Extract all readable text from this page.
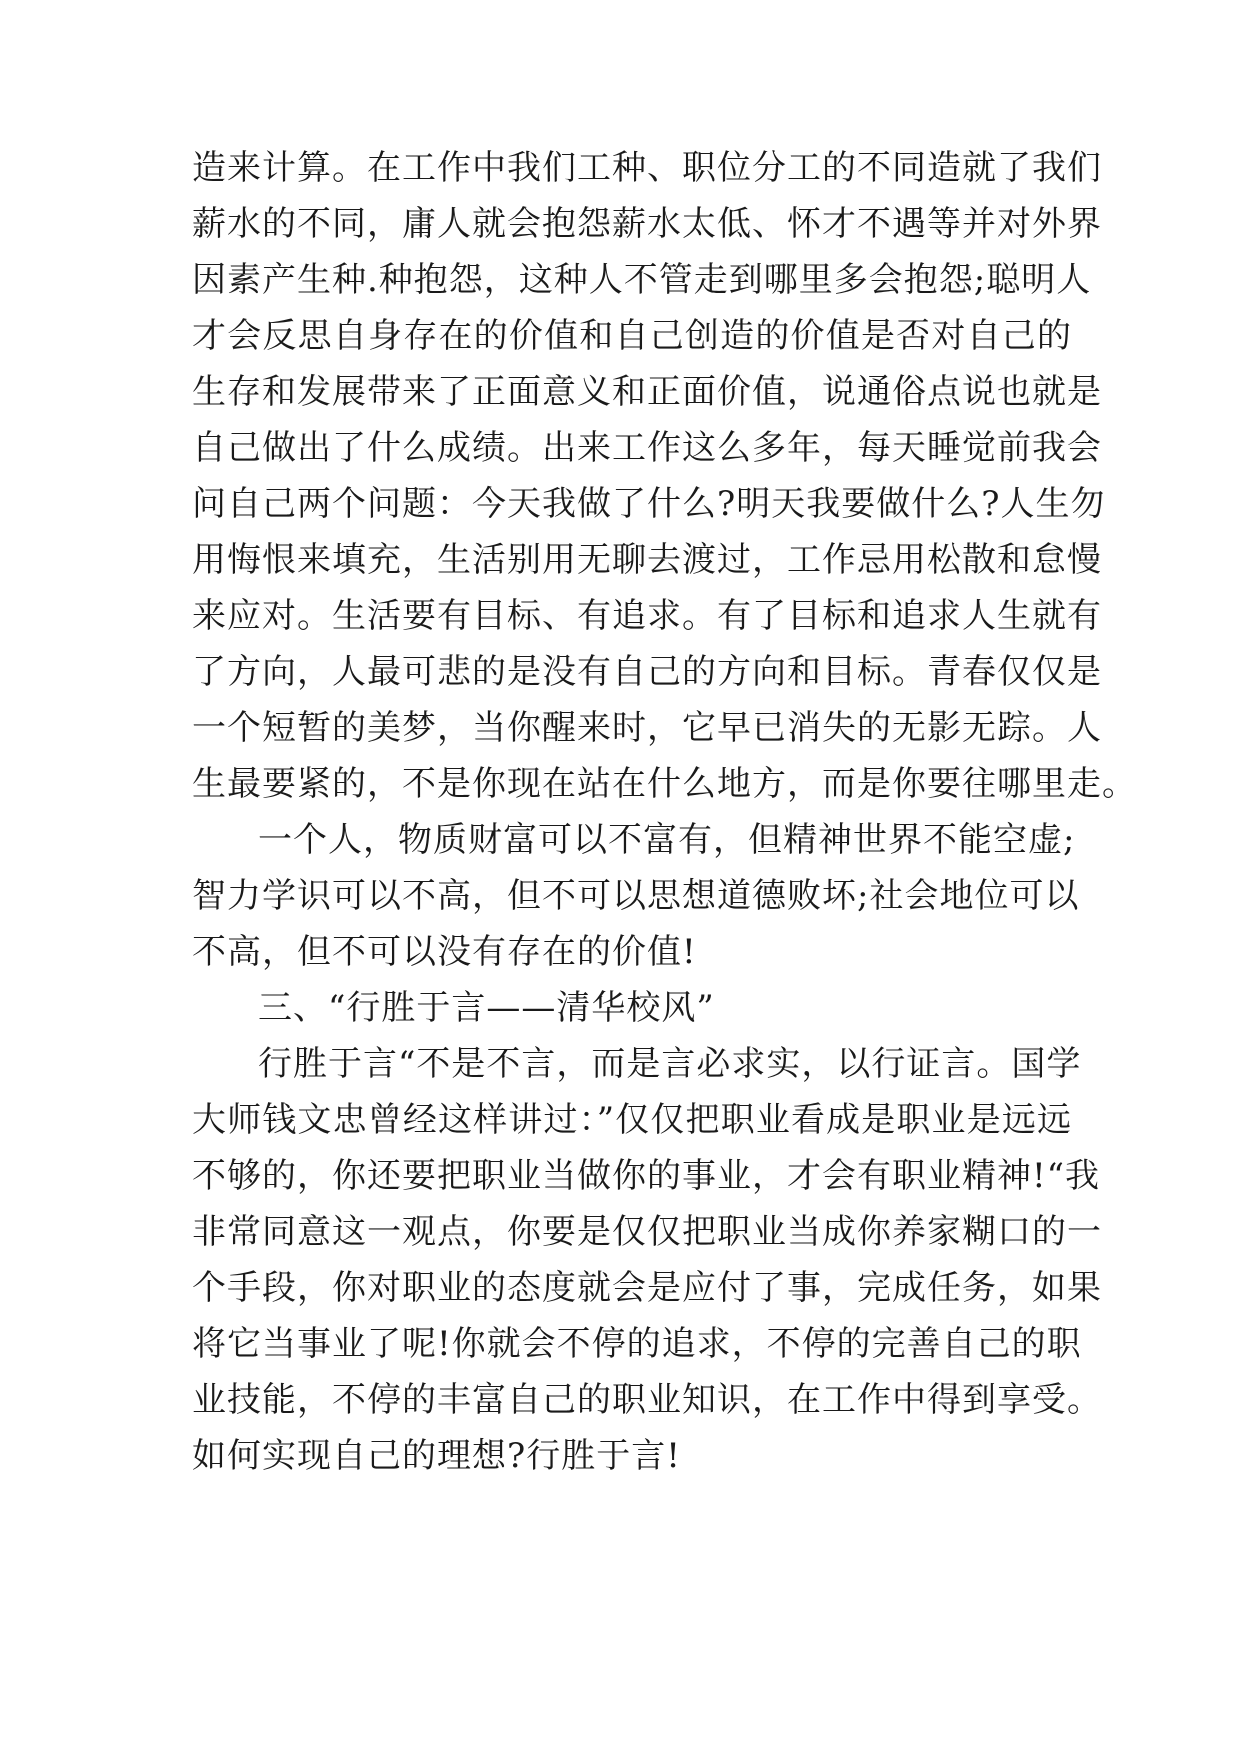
造来计算。在工作中我们工种、职位分工的不同造就了我们
薪水的不同，庸人就会抱怨薪水太低、怀才不遇等并对外界
因素产生种.种抱怨，这种人不管走到哪里多会抱怨;聪明人
才会反思自身存在的价值和自己创造的价值是否对自己的
生存和发展带来了正面意义和正面价值，说通俗点说也就是
自己做出了什么成绩。出来工作这么多年，每天睡觉前我会
问自己两个问题：今天我做了什么?明天我要做什么?人生勿
用悔恨来填充，生活别用无聊去渡过，工作忌用松散和怠慢
来应对。生活要有目标、有追求。有了目标和追求人生就有
了方向，人最可悲的是没有自己的方向和目标。青春仅仅是
一个短暂的美梦，当你醒来时，它早已消失的无影无踪。人
生最要紧的，不是你现在站在什么地方，而是你要往哪里走。
一个人，物质财富可以不富有，但精神世界不能空虚;
智力学识可以不高，但不可以思想道德败坏;社会地位可以
不高，但不可以没有存在的价值!
三、“行胜于言——清华校风”
行胜于言“不是不言，而是言必求实，以行证言。国学
大师钱文忠曾经这样讲过：”仅仅把职业看成是职业是远远
不够的，你还要把职业当做你的事业，才会有职业精神!“我
非常同意这一观点，你要是仅仅把职业当成你养家糊口的一
个手段，你对职业的态度就会是应付了事，完成任务，如果
将它当事业了呢!你就会不停的追求，不停的完善自己的职
业技能，不停的丰富自己的职业知识，在工作中得到享受。
如何实现自己的理想?行胜于言!
